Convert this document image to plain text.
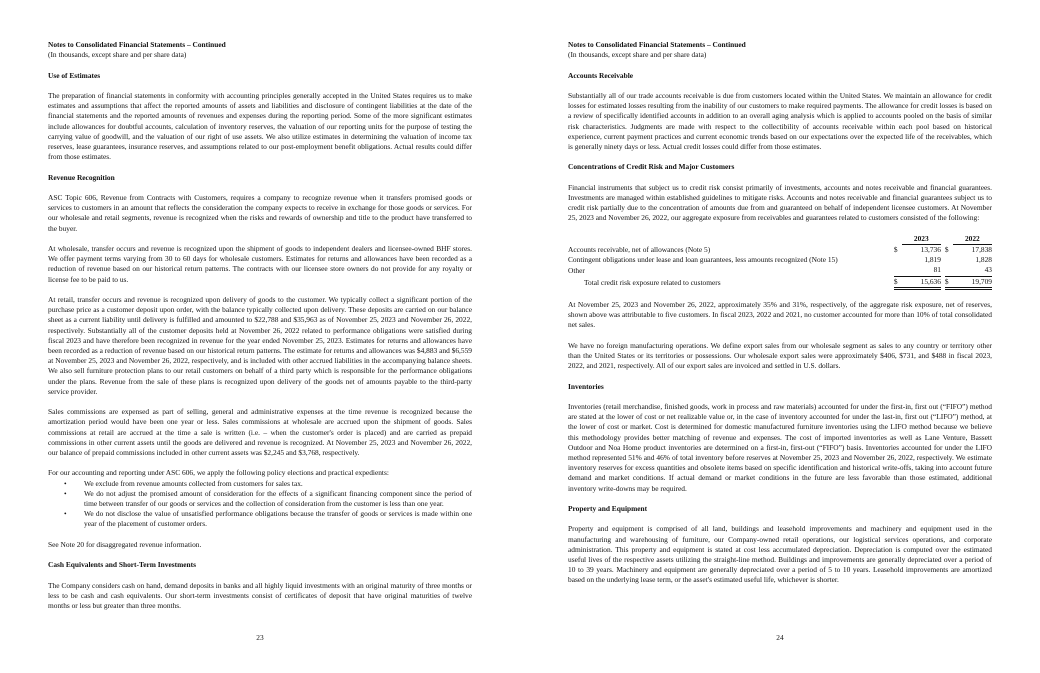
Notes to Consolidated Financial Statements – Continued

(In thousands, except share and per share data)

Use of Estimates

The preparation of financial statements in conformity with accounting principles generally accepted in the United States requires us to make estimates and assumptions that affect the reported amounts of assets and liabilities and disclosure of contingent liabilities at the date of the financial statements and the reported amounts of revenues and expenses during the reporting period. Some of the more significant estimates include allowances for doubtful accounts, calculation of inventory reserves, the valuation of our reporting units for the purpose of testing the carrying value of goodwill, and the valuation of our right of use assets. We also utilize estimates in determining the valuation of income tax reserves, lease guarantees, insurance reserves, and assumptions related to our post-employment benefit obligations. Actual results could differ from those estimates.

Revenue Recognition

ASC Topic 606, Revenue from Contracts with Customers, requires a company to recognize revenue when it transfers promised goods or services to customers in an amount that reflects the consideration the company expects to receive in exchange for those goods or services. For our wholesale and retail segments, revenue is recognized when the risks and rewards of ownership and title to the product have transferred to the buyer.

At wholesale, transfer occurs and revenue is recognized upon the shipment of goods to independent dealers and licensee-owned BHF stores. We offer payment terms varying from 30 to 60 days for wholesale customers. Estimates for returns and allowances have been recorded as a reduction of revenue based on our historical return patterns. The contracts with our licensee store owners do not provide for any royalty or license fee to be paid to us.

At retail, transfer occurs and revenue is recognized upon delivery of goods to the customer. We typically collect a significant portion of the purchase price as a customer deposit upon order, with the balance typically collected upon delivery. These deposits are carried on our balance sheet as a current liability until delivery is fulfilled and amounted to $22,788 and $35,963 as of November 25, 2023 and November 26, 2022, respectively. Substantially all of the customer deposits held at November 26, 2022 related to performance obligations were satisfied during fiscal 2023 and have therefore been recognized in revenue for the year ended November 25, 2023. Estimates for returns and allowances have been recorded as a reduction of revenue based on our historical return patterns. The estimate for returns and allowances was $4,883 and $6,559 at November 25, 2023 and November 26, 2022, respectively, and is included with other accrued liabilities in the accompanying balance sheets. We also sell furniture protection plans to our retail customers on behalf of a third party which is responsible for the performance obligations under the plans. Revenue from the sale of these plans is recognized upon delivery of the goods net of amounts payable to the third-party service provider.

Sales commissions are expensed as part of selling, general and administrative expenses at the time revenue is recognized because the amortization period would have been one year or less. Sales commissions at wholesale are accrued upon the shipment of goods. Sales commissions at retail are accrued at the time a sale is written (i.e. – when the customer's order is placed) and are carried as prepaid commissions in other current assets until the goods are delivered and revenue is recognized. At November 25, 2023 and November 26, 2022, our balance of prepaid commissions included in other current assets was $2,245 and $3,768, respectively.

For our accounting and reporting under ASC 606, we apply the following policy elections and practical expedients:

•	We exclude from revenue amounts collected from customers for sales tax.
•	We do not adjust the promised amount of consideration for the effects of a significant financing component since the period of time between transfer of our goods or services and the collection of consideration from the customer is less than one year.
•	We do not disclose the value of unsatisfied performance obligations because the transfer of goods or services is made within one year of the placement of customer orders.

See Note 20 for disaggregated revenue information.

Cash Equivalents and Short-Term Investments

The Company considers cash on hand, demand deposits in banks and all highly liquid investments with an original maturity of three months or less to be cash and cash equivalents. Our short-term investments consist of certificates of deposit that have original maturities of twelve months or less but greater than three months.

23

Notes to Consolidated Financial Statements – Continued

(In thousands, except share and per share data)

Accounts Receivable

Substantially all of our trade accounts receivable is due from customers located within the United States. We maintain an allowance for credit losses for estimated losses resulting from the inability of our customers to make required payments. The allowance for credit losses is based on a review of specifically identified accounts in addition to an overall aging analysis which is applied to accounts pooled on the basis of similar risk characteristics. Judgments are made with respect to the collectibility of accounts receivable within each pool based on historical experience, current payment practices and current economic trends based on our expectations over the expected life of the receivables, which is generally ninety days or less. Actual credit losses could differ from those estimates.

Concentrations of Credit Risk and Major Customers

Financial instruments that subject us to credit risk consist primarily of investments, accounts and notes receivable and financial guarantees. Investments are managed within established guidelines to mitigate risks. Accounts and notes receivable and financial guarantees subject us to credit risk partially due to the concentration of amounts due from and guaranteed on behalf of independent licensee customers. At November 25, 2023 and November 26, 2022, our aggregate exposure from receivables and guarantees related to customers consisted of the following:

		2023			2022
Accounts receivable, net of allowances (Note 5)	$	13,736		$	17,838
Contingent obligations under lease and loan guarantees, less amounts recognized (Note 15)		1,819			1,828
Other		81			43
Total credit risk exposure related to customers	$	15,636		$	19,709

At November 25, 2023 and November 26, 2022, approximately 35% and 31%, respectively, of the aggregate risk exposure, net of reserves, shown above was attributable to five customers. In fiscal 2023, 2022 and 2021, no customer accounted for more than 10% of total consolidated net sales.

We have no foreign manufacturing operations. We define export sales from our wholesale segment as sales to any country or territory other than the United States or its territories or possessions. Our wholesale export sales were approximately $406, $731, and $488 in fiscal 2023, 2022, and 2021, respectively. All of our export sales are invoiced and settled in U.S. dollars.

Inventories

Inventories (retail merchandise, finished goods, work in process and raw materials) accounted for under the first-in, first out (“FIFO”) method are stated at the lower of cost or net realizable value or, in the case of inventory accounted for under the last-in, first out (“LIFO”) method, at the lower of cost or market. Cost is determined for domestic manufactured furniture inventories using the LIFO method because we believe this methodology provides better matching of revenue and expenses. The cost of imported inventories as well as Lane Venture, Bassett Outdoor and Noa Home product inventories are determined on a first-in, first-out (“FIFO”) basis. Inventories accounted for under the LIFO method represented 51% and 46% of total inventory before reserves at November 25, 2023 and November 26, 2022, respectively. We estimate inventory reserves for excess quantities and obsolete items based on specific identification and historical write-offs, taking into account future demand and market conditions. If actual demand or market conditions in the future are less favorable than those estimated, additional inventory write-downs may be required.

Property and Equipment

Property and equipment is comprised of all land, buildings and leasehold improvements and machinery and equipment used in the manufacturing and warehousing of furniture, our Company-owned retail operations, our logistical services operations, and corporate administration. This property and equipment is stated at cost less accumulated depreciation. Depreciation is computed over the estimated useful lives of the respective assets utilizing the straight-line method. Buildings and improvements are generally depreciated over a period of 10 to 39 years. Machinery and equipment are generally depreciated over a period of 5 to 10 years. Leasehold improvements are amortized based on the underlying lease term, or the asset's estimated useful life, whichever is shorter.

24
